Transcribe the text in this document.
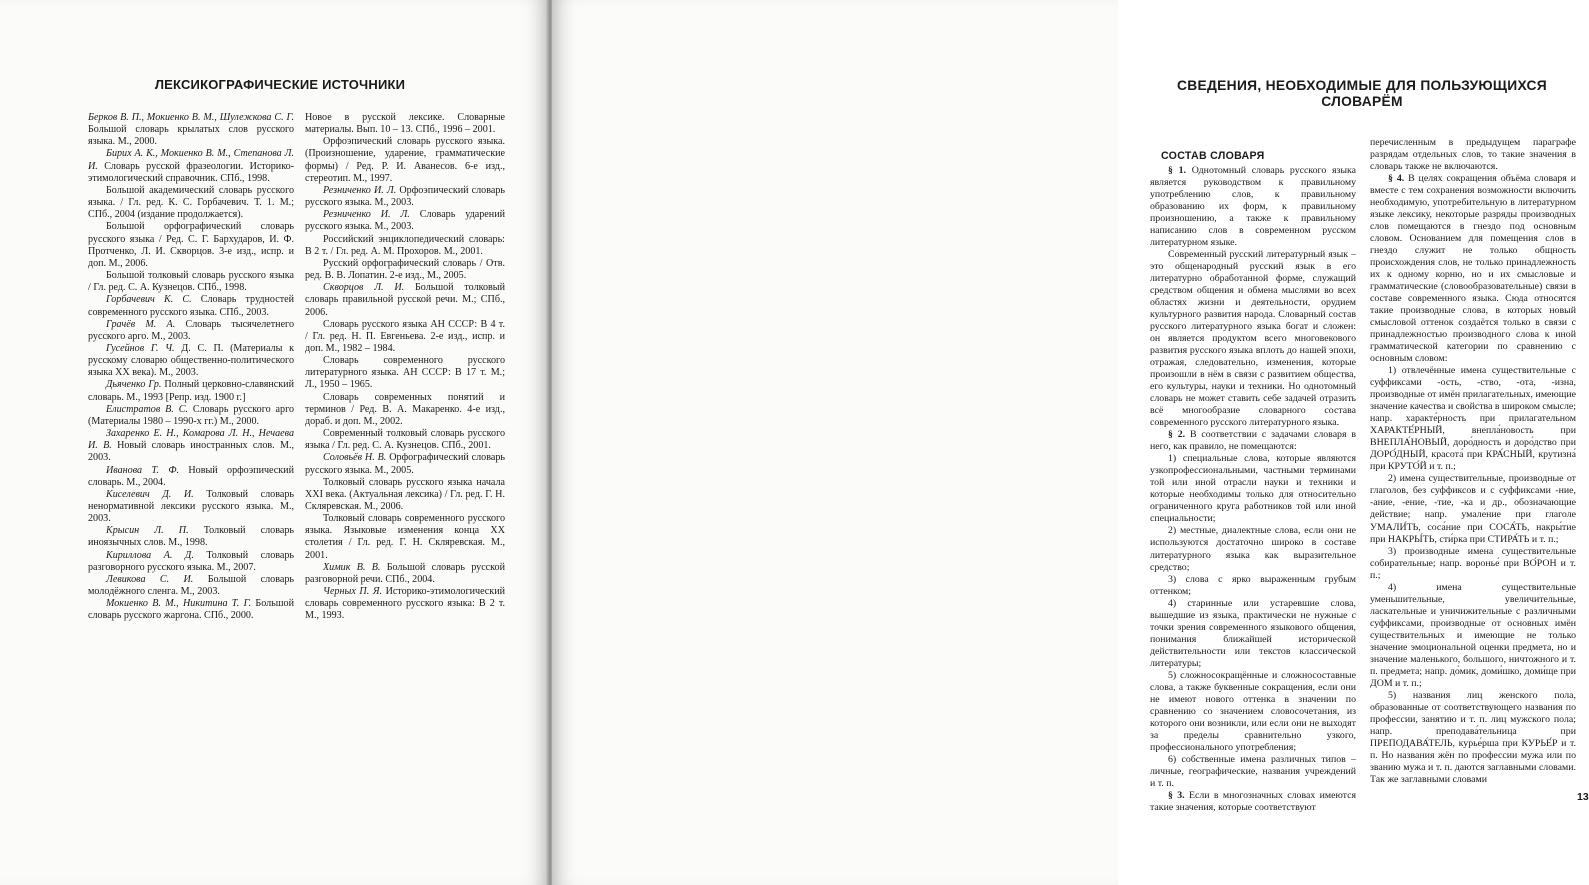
ЛЕКСИКОГРАФИЧЕСКИЕ ИСТОЧНИКИ

Берков В. П., Мокиенко В. М., Шулежкова С. Г. Большой словарь крылатых слов русского языка. М., 2000.

Бирих А. К., Мокиенко В. М., Степанова Л. И. Словарь русской фразеологии. Историко-этимологический справочник. СПб., 1998.

Большой академический словарь русского языка. / Гл. ред. К. С. Горбачевич. Т. 1. М.; СПб., 2004 (издание продолжается).

Большой орфографический словарь русского языка / Ред. С. Г. Бархударов, И. Ф. Протченко, Л. И. Скворцов. 3-е изд., испр. и доп. М., 2006.

Большой толковый словарь русского языка / Гл. ред. С. А. Кузнецов. СПб., 1998.

Горбачевич К. С. Словарь трудностей современного русского языка. СПб., 2003.

Грачёв М. А. Словарь тысячелетнего русского арго. М., 2003.

Гусейнов Г. Ч. Д. С. П. (Материалы к русскому словарю общественно-политического языка XX века). М., 2003.

Дьяченко Гр. Полный церковно-славянский словарь. М., 1993 [Репр. изд. 1900 г.]

Елистратов В. С. Словарь русского арго (Материалы 1980 – 1990-х гг.) М., 2000.

Захаренко Е. Н., Комарова Л. Н., Нечаева И. В. Новый словарь иностранных слов. М., 2003.

Иванова Т. Ф. Новый орфоэпический словарь. М., 2004.

Киселевич Д. И. Толковый словарь ненормативной лексики русского языка. М., 2003.

Крысин Л. П. Толковый словарь иноязычных слов. М., 1998.

Кириллова А. Д. Толковый словарь разговорного русского языка. М., 2007.

Левикова С. И. Большой словарь молодёжного сленга. М., 2003.

Мокиенко В. М., Никитина Т. Г. Большой словарь русского жаргона. СПб., 2000.

Новое в русской лексике. Словарные материалы. Вып. 10 – 13. СПб., 1996 – 2001.

Орфоэпический словарь русского языка. (Произношение, ударение, грамматические формы) / Ред. Р. И. Аванесов. 6-е изд., стереотип. М., 1997.

Резниченко И. Л. Орфоэпический словарь русского языка. М., 2003.

Резниченко И. Л. Словарь ударений русского языка. М., 2003.

Российский энциклопедический словарь: В 2 т. / Гл. ред. А. М. Прохоров. М., 2001.

Русский орфографический словарь / Отв. ред. В. В. Лопатин. 2-е изд., М., 2005.

Скворцов Л. И. Большой толковый словарь правильной русской речи. М.; СПб., 2006.

Словарь русского языка АН СССР: В 4 т. / Гл. ред. Н. П. Евгеньева. 2-е изд., испр. и доп. М., 1982 – 1984.

Словарь современного русского литературного языка. АН СССР: В 17 т. М.; Л., 1950 – 1965.

Словарь современных понятий и терминов / Ред. В. А. Макаренко. 4-е изд., дораб. и доп. М., 2002.

Современный толковый словарь русского языка / Гл. ред. С. А. Кузнецов. СПб., 2001.

Соловьёв Н. В. Орфографический словарь русского языка. М., 2005.

Толковый словарь русского языка начала XXI века. (Актуальная лексика) / Гл. ред. Г. Н. Скляревская. М., 2006.

Толковый словарь современного русского языка. Языковые изменения конца XX столетия / Гл. ред. Г. Н. Скляревская. М., 2001.

Химик В. В. Большой словарь русской разговорной речи. СПб., 2004.

Черных П. Я. Историко-этимологический словарь современного русского языка: В 2 т. М., 1993.

СВЕДЕНИЯ, НЕОБХОДИМЫЕ ДЛЯ ПОЛЬЗУЮЩИХСЯ СЛОВАРЁМ
СОСТАВ СЛОВАРЯ

§ 1. Однотомный словарь русского языка является руководством к правильному употреблению слов, к правильному образованию их форм, к правильному произношению, а также к правильному написанию слов в современном русском литературном языке.

Современный русский литературный язык – это общенародный русский язык в его литературно обработанной форме, служащий средством общения и обмена мыслями во всех областях жизни и деятельности, орудием культурного развития народа. Словарный состав русского литературного языка богат и сложен: он является продуктом всего многовекового развития русского языка вплоть до нашей эпохи, отражая, следовательно, изменения, которые произошли в нём в связи с развитием общества, его культуры, науки и техники. Но однотомный словарь не может ставить себе задачей отразить всё многообразие словарного состава современного русского литературного языка.

§ 2. В соответствии с задачами словаря в него, как правило, не помещаются:

1) специальные слова, которые являются узкопрофессиональными, частными терминами той или иной отрасли науки и техники и которые необходимы только для относительно ограниченного круга работников той или иной специальности;

2) местные, диалектные слова, если они не используются достаточно широко в составе литературного языка как выразительное средство;

3) слова с ярко выраженным грубым оттенком;

4) старинные или устаревшие слова, вышедшие из языка, практически не нужные с точки зрения современного языкового общения, понимания ближайшей исторической действительности или текстов классической литературы;

5) сложносокращённые и сложносоставные слова, а также буквенные сокращения, если они не имеют нового оттенка в значении по сравнению со значением словосочетания, из которого они возникли, или если они не выходят за пределы сравнительно узкого, профессионального употребления;

6) собственные имена различных типов – личные, географические, названия учреждений и т. п.

§ 3. Если в многозначных словах имеются такие значения, которые соответствуют

перечисленным в предыдущем параграфе разрядам отдельных слов, то такие значения в словарь также не включаются.

§ 4. В целях сокращения объёма словаря и вместе с тем сохранения возможности включить необходимую, употребительную в литературном языке лексику, некоторые разряды производных слов помещаются в гнездо под основным словом. Основанием для помещения слов в гнездо служит не только общность происхождения слов, не только принадлежность их к одному корню, но и их смысловые и грамматические (словообразовательные) связи в составе современного языка. Сюда относятся такие производные слова, в которых новый смысловой оттенок создаётся только в связи с принадлежностью производного слова к иной грамматической категории по сравнению с основным словом:

1) отвлечённые имена существительные с суффиксами -ость, -ство, -ота, -изна, производные от имён прилагательных, имеющие значение качества и свойства в широком смысле; напр. характе́рность при прилагательном ХАРАКТЕ́РНЫЙ, внепла́новость при ВНЕПЛА́НОВЫЙ, доро́дность и доро́дство при ДОРО́ДНЫЙ, красота́ при КРА́СНЫЙ, крутизна́ при КРУТО́Й и т. п.;

2) имена существительные, производные от глаголов, без суффиксов и с суффиксами -ние, -ание, -ение, -тие, -ка и др., обозначающие действие; напр. умале́ние при глаголе УМАЛИ́ТЬ, соса́ние при СОСА́ТЬ, накры́тие при НАКРЫ́ТЬ, сти́рка при СТИРА́ТЬ и т. п.;

3) производные имена существительные собирательные; напр. воронье́ при ВО́РОН и т. п.;

4) имена существительные уменьшительные, увеличительные, ласкательные и уничижительные с различными суффиксами, производные от основных имён существительных и имеющие не только значение эмоциональной оценки предмета, но и значение маленького, большого, ничтожного и т. п. предмета; напр. до́мик, доми́шко, доми́ще при ДОМ и т. п.;

5) названия лиц женского пола, образованные от соответствующего названия по профессии, занятию и т. п. лиц мужского пола; напр. преподава́тельница при ПРЕПОДАВА́ТЕЛЬ, курье́рша при КУРЬЕ́Р и т. п. Но названия жён по профессии мужа или по званию мужа и т. п. даются заглавными словами. Так же заглавными словами

13
